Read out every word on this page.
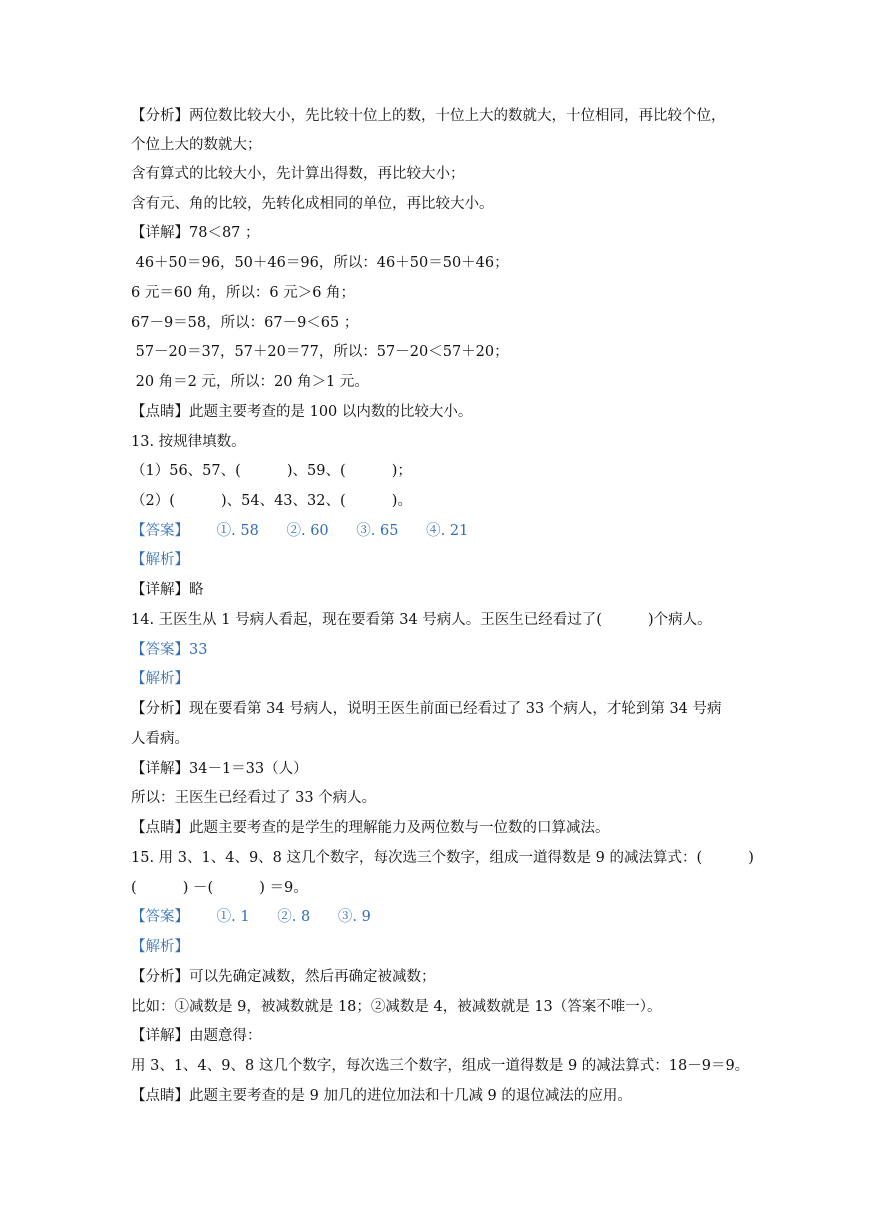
【分析】两位数比较大小，先比较十位上的数，十位上大的数就大，十位相同，再比较个位，
个位上大的数就大；
含有算式的比较大小，先计算出得数，再比较大小；
含有元、角的比较，先转化成相同的单位，再比较大小。
【详解】78＜87 ；
46＋50＝96，50＋46＝96，所以：46＋50＝50＋46；
6 元＝60 角，所以：6 元＞6 角；
67－9＝58，所以：67－9＜65 ；
57－20＝37，57＋20＝77，所以：57－20＜57＋20；
20 角＝2 元，所以：20 角＞1 元。
【点睛】此题主要考查的是 100 以内数的比较大小。
13. 按规律填数。
（1）56、57、(          )、59、(          )；
（2）(          )、54、43、32、(          )。
【答案】      ①. 58      ②. 60      ③. 65      ④. 21
【解析】
【详解】略
14. 王医生从 1 号病人看起，现在要看第 34 号病人。王医生已经看过了(          )个病人。
【答案】33
【解析】
【分析】现在要看第 34 号病人，说明王医生前面已经看过了 33 个病人，才轮到第 34 号病
人看病。
【详解】34－1＝33（人）
所以：王医生已经看过了 33 个病人。
【点睛】此题主要考查的是学生的理解能力及两位数与一位数的口算减法。
15. 用 3、1、4、9、8 这几个数字，每次选三个数字，组成一道得数是 9 的减法算式：(          )
(          ) －(          ) ＝9。
【答案】      ①. 1      ②. 8      ③. 9
【解析】
【分析】可以先确定减数，然后再确定被减数；
比如：①减数是 9，被减数就是 18；②减数是 4，被减数就是 13（答案不唯一）。
【详解】由题意得：
用 3、1、4、9、8 这几个数字，每次选三个数字，组成一道得数是 9 的减法算式：18－9＝9。
【点睛】此题主要考查的是 9 加几的进位加法和十几减 9 的退位减法的应用。
